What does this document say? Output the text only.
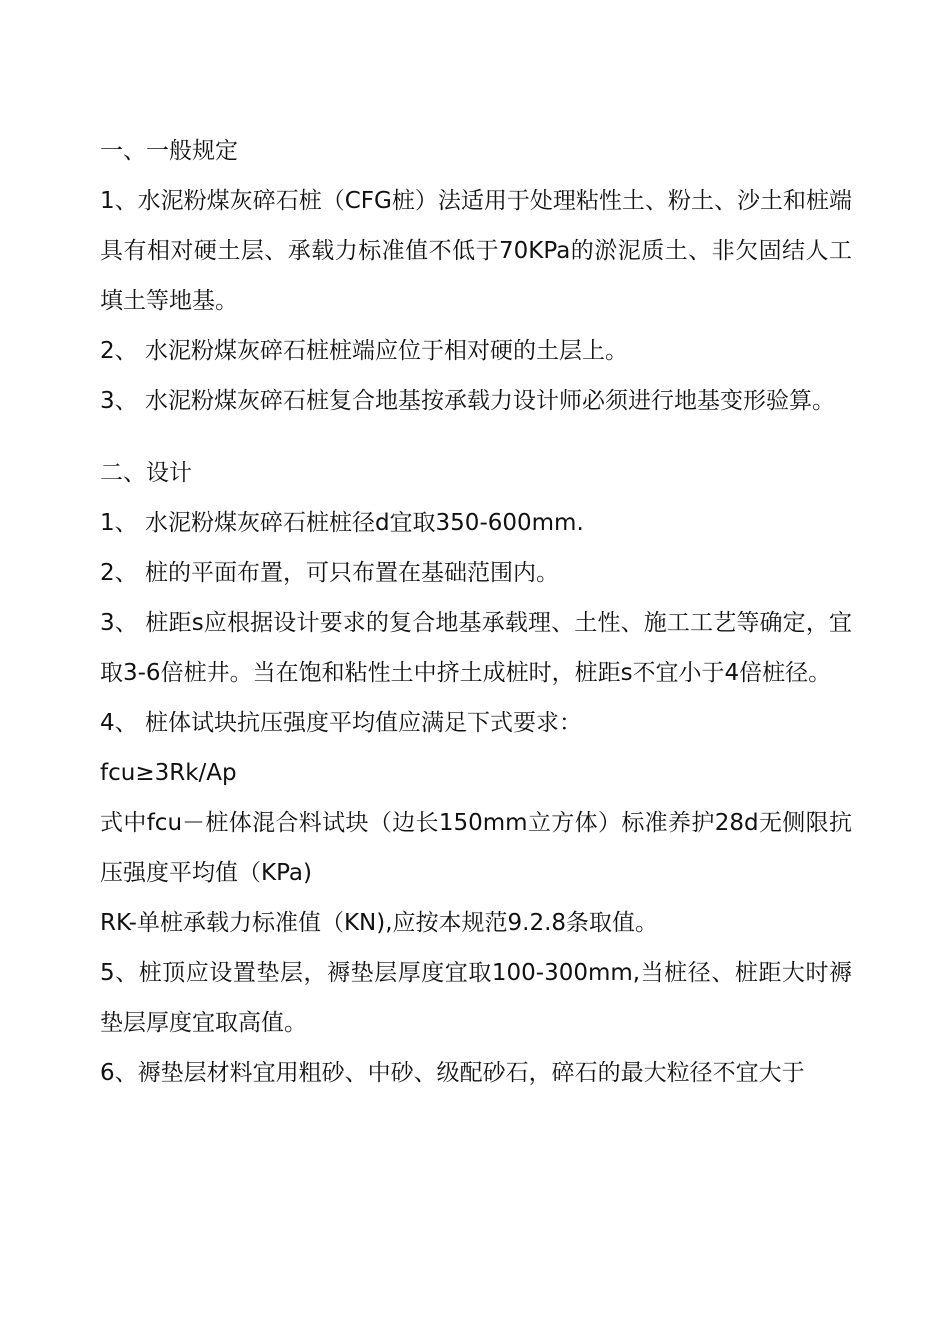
一、一般规定

1、水泥粉煤灰碎石桩（CFG桩）法适用于处理粘性土、粉土、沙土和桩端具有相对硬土层、承载力标准值不低于70KPa的淤泥质土、非欠固结人工填土等地基。

2、 水泥粉煤灰碎石桩桩端应位于相对硬的土层上。

3、 水泥粉煤灰碎石桩复合地基按承载力设计师必须进行地基变形验算。

二、设计

1、 水泥粉煤灰碎石桩桩径d宜取350-600mm.

2、 桩的平面布置，可只布置在基础范围内。

3、 桩距s应根据设计要求的复合地基承载理、土性、施工工艺等确定，宜取3-6倍桩井。当在饱和粘性土中挤土成桩时，桩距s不宜小于4倍桩径。

4、 桩体试块抗压强度平均值应满足下式要求：

fcu≥3Rk/Ap

式中fcu－桩体混合料试块（边长150mm立方体）标准养护28d无侧限抗压强度平均值（KPa)

RK-单桩承载力标准值（KN),应按本规范9.2.8条取值。

5、桩顶应设置垫层，褥垫层厚度宜取100-300mm,当桩径、桩距大时褥垫层厚度宜取高值。

6、褥垫层材料宜用粗砂、中砂、级配砂石，碎石的最大粒径不宜大于
